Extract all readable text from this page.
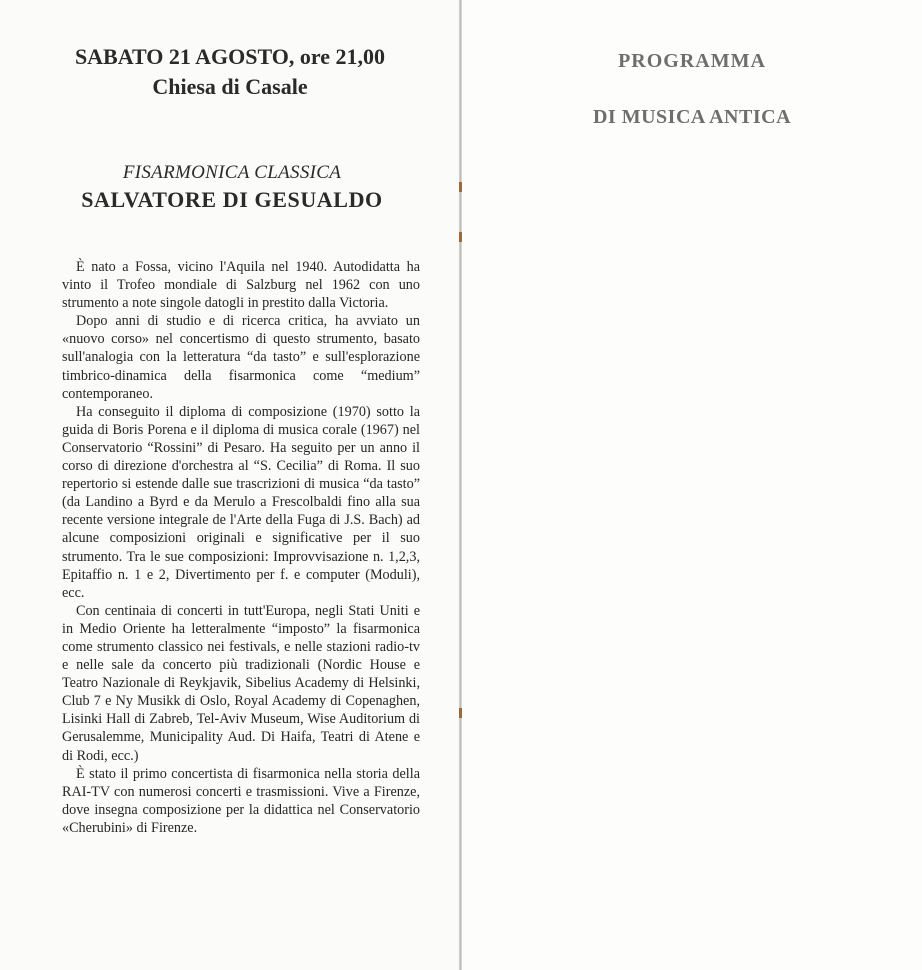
SABATO 21 AGOSTO, ore 21,00
Chiesa di Casale
FISARMONICA CLASSICA
SALVATORE DI GESUALDO

È nato a Fossa, vicino l'Aquila nel 1940. Autodidatta ha vinto il Trofeo mondiale di Salzburg nel 1962 con uno strumento a note singole datogli in prestito dalla Victoria.

Dopo anni di studio e di ricerca critica, ha avviato un «nuovo corso» nel concertismo di questo strumento, basato sull'analogia con la letteratura “da tasto” e sull'esplorazione timbrico-dinamica della fisarmonica come “medium” contemporaneo.

Ha conseguito il diploma di composizione (1970) sotto la guida di Boris Porena e il diploma di musica corale (1967) nel Conservatorio “Rossini” di Pesaro. Ha seguito per un anno il corso di direzione d'orchestra al “S. Cecilia” di Roma. Il suo repertorio si estende dalle sue trascrizioni di musica “da tasto” (da Landino a Byrd e da Merulo a Frescolbaldi fino alla sua recente versione integrale de l'Arte della Fuga di J.S. Bach) ad alcune composizioni originali e significative per il suo strumento. Tra le sue composizioni: Improvvisazione n. 1,2,3, Epitaffio n. 1 e 2, Divertimento per f. e computer (Moduli), ecc.

Con centinaia di concerti in tutt'Europa, negli Stati Uniti e in Medio Oriente ha letteralmente “imposto” la fisarmonica come strumento classico nei festivals, e nelle stazioni radio-tv e nelle sale da concerto più tradizionali (Nordic House e Teatro Nazionale di Reykjavik, Sibelius Academy di Helsinki, Club 7 e Ny Musikk di Oslo, Royal Academy di Copenaghen, Lisinki Hall di Zabreb, Tel-Aviv Museum, Wise Auditorium di Gerusalemme, Municipality Aud. Di Haifa, Teatri di Atene e di Rodi, ecc.)

È stato il primo concertista di fisarmonica nella storia della RAI-TV con numerosi concerti e trasmissioni. Vive a Firenze, dove insegna composizione per la didattica nel Conservatorio «Cherubini» di Firenze.

PROGRAMMA
DI MUSICA ANTICA
